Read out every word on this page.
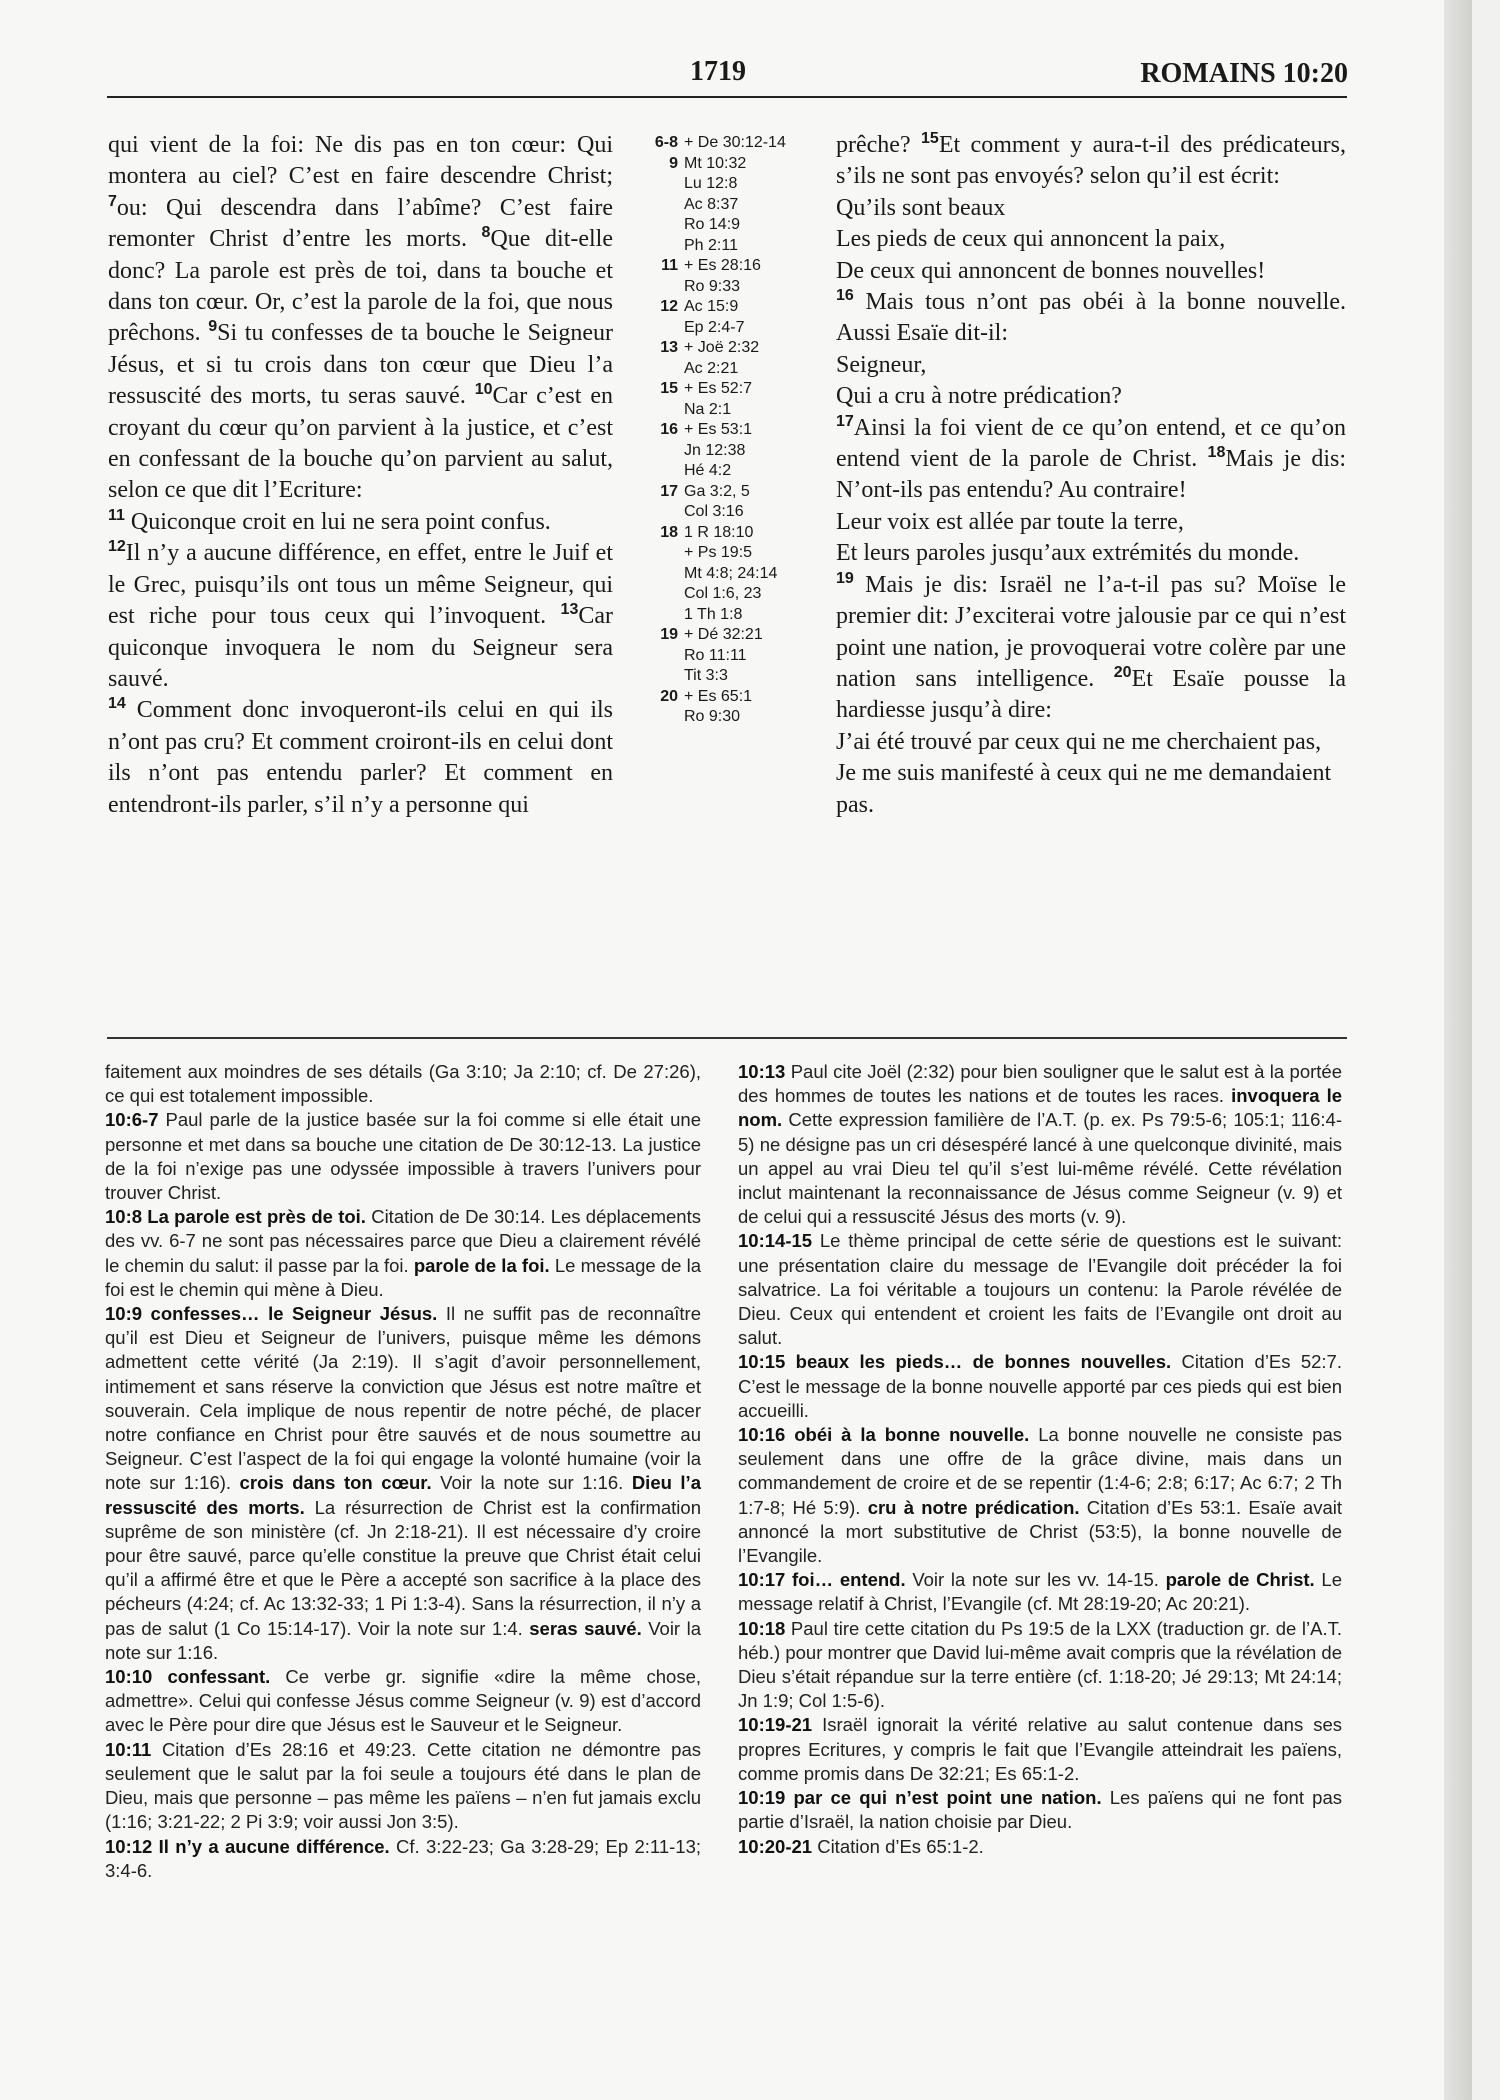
1719	ROMAINS 10:20

qui vient de la foi: Ne dis pas en ton cœur: Qui montera au ciel? C’est en faire descendre Christ; $^7$ou: Qui descendra dans l’abîme? C’est faire remonter Christ d’entre les morts. $^8$Que dit-elle donc? La parole est près de toi, dans ta bouche et dans ton cœur. Or, c’est la parole de la foi, que nous prêchons. $^9$Si tu confesses de ta bouche le Seigneur Jésus, et si tu crois dans ton cœur que Dieu l’a ressuscité des morts, tu seras sauvé. $^{10}$Car c’est en croyant du cœur qu’on parvient à la justice, et c’est en confessant de la bouche qu’on parvient au salut, selon ce que dit l’Ecriture:

$^{11}$ Quiconque croit en lui ne sera point confus.

$^{12}$Il n’y a aucune différence, en effet, entre le Juif et le Grec, puisqu’ils ont tous un même Seigneur, qui est riche pour tous ceux qui l’invoquent. $^{13}$Car quiconque invoquera le nom du Seigneur sera sauvé.

$^{14}$ Comment donc invoqueront-ils celui en qui ils n’ont pas cru? Et comment croiront-ils en celui dont ils n’ont pas entendu parler? Et comment en entendront-ils parler, s’il n’y a personne qui

6-8 + De 30:12-14
9 Mt 10:32
Lu 12:8
Ac 8:37
Ro 14:9
Ph 2:11
11 + Es 28:16
Ro 9:33
12 Ac 15:9
Ep 2:4-7
13 + Joë 2:32
Ac 2:21
15 + Es 52:7
Na 2:1
16 + Es 53:1
Jn 12:38
Hé 4:2
17 Ga 3:2, 5
Col 3:16
18 1 R 18:10
+ Ps 19:5
Mt 4:8; 24:14
Col 1:6, 23
1 Th 1:8
19 + Dé 32:21
Ro 11:11
Tit 3:3
20 + Es 65:1
Ro 9:30

prêche? $^{15}$Et comment y aura-t-il des prédicateurs, s’ils ne sont pas envoyés? selon qu’il est écrit:

Qu’ils sont beaux
Les pieds de ceux qui annoncent la paix,
De ceux qui annoncent de bonnes nouvelles!

$^{16}$ Mais tous n’ont pas obéi à la bonne nouvelle. Aussi Esaïe dit-il:

Seigneur,
Qui a cru à notre prédication?

$^{17}$Ainsi la foi vient de ce qu’on entend, et ce qu’on entend vient de la parole de Christ. $^{18}$Mais je dis: N’ont-ils pas entendu? Au contraire!

Leur voix est allée par toute la terre,
Et leurs paroles jusqu’aux extrémités du monde.

$^{19}$ Mais je dis: Israël ne l’a-t-il pas su? Moïse le premier dit: J’exciterai votre jalousie par ce qui n’est point une nation, je provoquerai votre colère par une nation sans intelligence. $^{20}$Et Esaïe pousse la hardiesse jusqu’à dire:

J’ai été trouvé par ceux qui ne me cherchaient pas,
Je me suis manifesté à ceux qui ne me demandaient pas.

faitement aux moindres de ses détails (Ga 3:10; Ja 2:10; cf. De 27:26), ce qui est totalement impossible.

10:6-7 Paul parle de la justice basée sur la foi comme si elle était une personne et met dans sa bouche une citation de De 30:12-13. La justice de la foi n’exige pas une odyssée impossible à travers l’univers pour trouver Christ.

10:8 La parole est près de toi. Citation de De 30:14. Les déplacements des vv. 6-7 ne sont pas nécessaires parce que Dieu a clairement révélé le chemin du salut: il passe par la foi. parole de la foi. Le message de la foi est le chemin qui mène à Dieu.

10:9 confesses… le Seigneur Jésus. Il ne suffit pas de reconnaître qu’il est Dieu et Seigneur de l’univers, puisque même les démons admettent cette vérité (Ja 2:19). Il s’agit d’avoir personnellement, intimement et sans réserve la conviction que Jésus est notre maître et souverain. Cela implique de nous repentir de notre péché, de placer notre confiance en Christ pour être sauvés et de nous soumettre au Seigneur. C’est l’aspect de la foi qui engage la volonté humaine (voir la note sur 1:16). crois dans ton cœur. Voir la note sur 1:16. Dieu l’a ressuscité des morts. La résurrection de Christ est la confirmation suprême de son ministère (cf. Jn 2:18-21). Il est nécessaire d’y croire pour être sauvé, parce qu’elle constitue la preuve que Christ était celui qu’il a affirmé être et que le Père a accepté son sacrifice à la place des pécheurs (4:24; cf. Ac 13:32-33; 1 Pi 1:3-4). Sans la résurrection, il n’y a pas de salut (1 Co 15:14-17). Voir la note sur 1:4. seras sauvé. Voir la note sur 1:16.

10:10 confessant. Ce verbe gr. signifie «dire la même chose, admettre». Celui qui confesse Jésus comme Seigneur (v. 9) est d’accord avec le Père pour dire que Jésus est le Sauveur et le Seigneur.

10:11 Citation d’Es 28:16 et 49:23. Cette citation ne démontre pas seulement que le salut par la foi seule a toujours été dans le plan de Dieu, mais que personne – pas même les païens – n’en fut jamais exclu (1:16; 3:21-22; 2 Pi 3:9; voir aussi Jon 3:5).

10:12 Il n’y a aucune différence. Cf. 3:22-23; Ga 3:28-29; Ep 2:11-13; 3:4-6.

10:13 Paul cite Joël (2:32) pour bien souligner que le salut est à la portée des hommes de toutes les nations et de toutes les races. invoquera le nom. Cette expression familière de l’A.T. (p. ex. Ps 79:5-6; 105:1; 116:4-5) ne désigne pas un cri désespéré lancé à une quelconque divinité, mais un appel au vrai Dieu tel qu’il s’est lui-même révélé. Cette révélation inclut maintenant la reconnaissance de Jésus comme Seigneur (v. 9) et de celui qui a ressuscité Jésus des morts (v. 9).

10:14-15 Le thème principal de cette série de questions est le suivant: une présentation claire du message de l’Evangile doit précéder la foi salvatrice. La foi véritable a toujours un contenu: la Parole révélée de Dieu. Ceux qui entendent et croient les faits de l’Evangile ont droit au salut.

10:15 beaux les pieds… de bonnes nouvelles. Citation d’Es 52:7. C’est le message de la bonne nouvelle apporté par ces pieds qui est bien accueilli.

10:16 obéi à la bonne nouvelle. La bonne nouvelle ne consiste pas seulement dans une offre de la grâce divine, mais dans un commandement de croire et de se repentir (1:4-6; 2:8; 6:17; Ac 6:7; 2 Th 1:7-8; Hé 5:9). cru à notre prédication. Citation d’Es 53:1. Esaïe avait annoncé la mort substitutive de Christ (53:5), la bonne nouvelle de l’Evangile.

10:17 foi… entend. Voir la note sur les vv. 14-15. parole de Christ. Le message relatif à Christ, l’Evangile (cf. Mt 28:19-20; Ac 20:21).

10:18 Paul tire cette citation du Ps 19:5 de la LXX (traduction gr. de l’A.T. héb.) pour montrer que David lui-même avait compris que la révélation de Dieu s’était répandue sur la terre entière (cf. 1:18-20; Jé 29:13; Mt 24:14; Jn 1:9; Col 1:5-6).

10:19-21 Israël ignorait la vérité relative au salut contenue dans ses propres Ecritures, y compris le fait que l’Evangile atteindrait les païens, comme promis dans De 32:21; Es 65:1-2.

10:19 par ce qui n’est point une nation. Les païens qui ne font pas partie d’Israël, la nation choisie par Dieu.

10:20-21 Citation d’Es 65:1-2.
